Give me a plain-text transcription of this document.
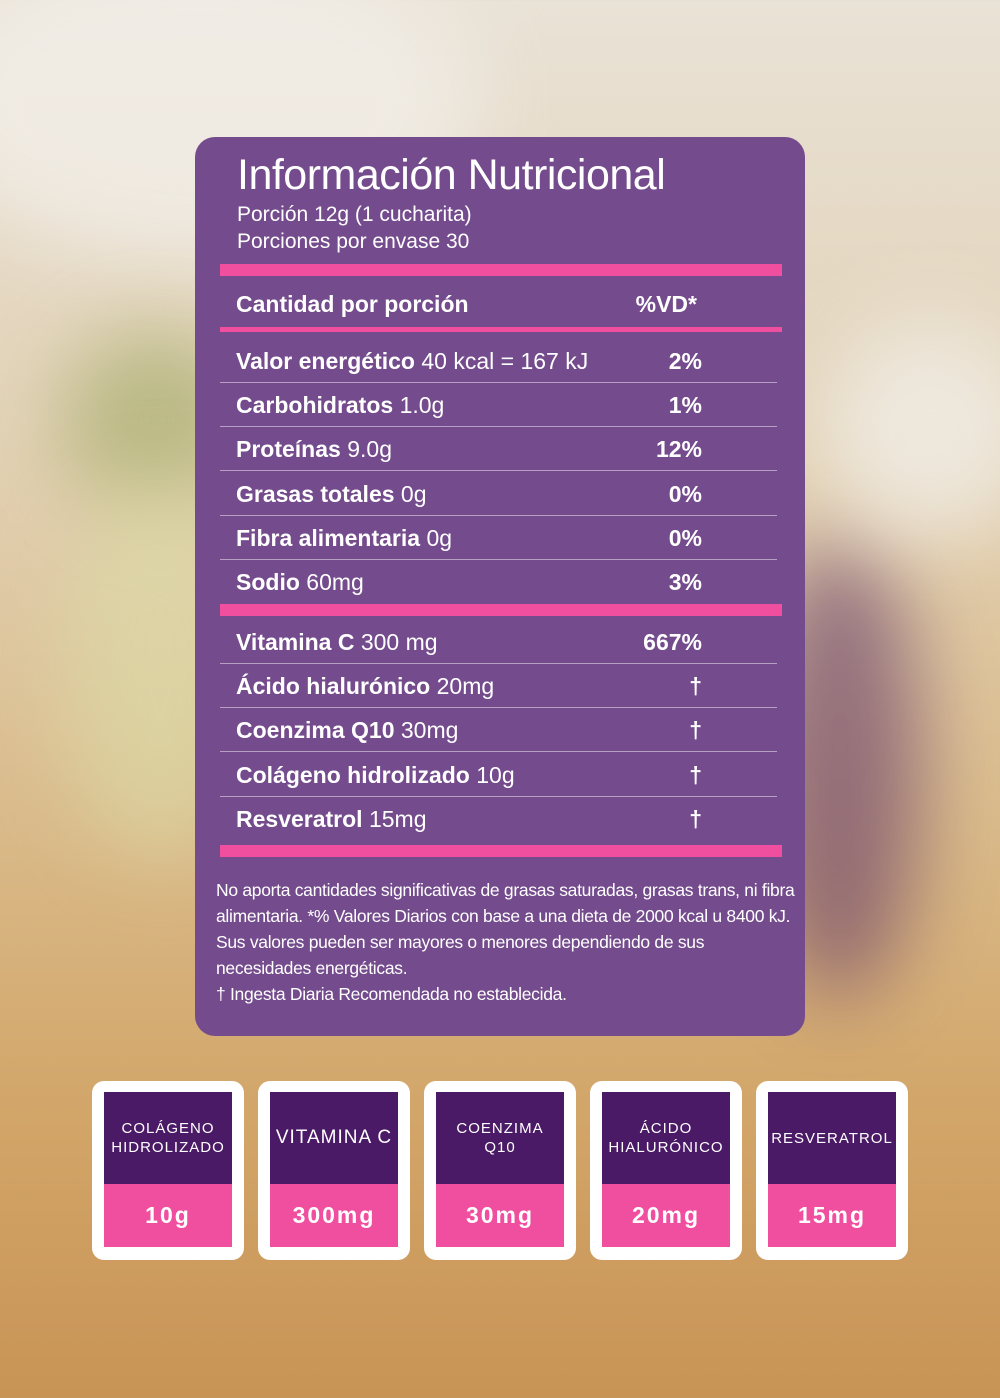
Información Nutricional
Porción 12g (1 cucharita)
Porciones por envase 30
Cantidad por porción	%VD*
Valor energético 40 kcal = 167 kJ	2%
Carbohidratos 1.0g	1%
Proteínas 9.0g	12%
Grasas totales 0g	0%
Fibra alimentaria 0g	0%
Sodio 60mg	3%
Vitamina C 300 mg	667%
Ácido hialurónico 20mg	†
Coenzima Q10 30mg	†
Colágeno hidrolizado 10g	†
Resveratrol 15mg	†

No aporta cantidades significativas de grasas saturadas, grasas trans, ni fibra alimentaria. *% Valores Diarios con base a una dieta de 2000 kcal u 8400 kJ. Sus valores pueden ser mayores o menores dependiendo de sus necesidades energéticas.

† Ingesta Diaria Recomendada no establecida.

COLÁGENO HIDROLIZADO
10g
VITAMINA C
300mg
COENZIMA Q10
30mg
ÁCIDO HIALURÓNICO
20mg
RESVERATROL
15mg
